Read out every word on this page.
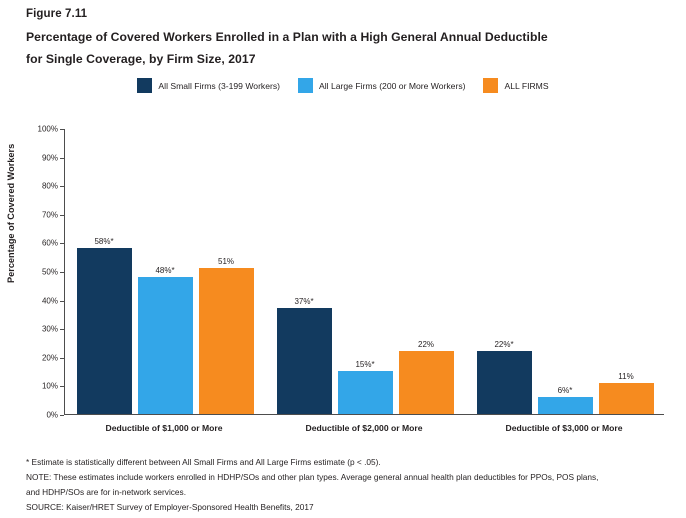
Figure 7.11
Percentage of Covered Workers Enrolled in a Plan with a High General Annual Deductible
for Single Coverage, by Firm Size, 2017
All Small Firms (3-199 Workers)	All Large Firms (200 or More Workers)	ALL FIRMS
Percentage of Covered Workers	58%*
48%*
51%
37%*
15%*
22%	22%*
6%*
11%
0%
10%
20%
30%
40%
50%
60%
70%
80%
90%
100%
Deductible of $1,000 or More	Deductible of $2,000 or More	Deductible of $3,000 or More
* Estimate is statistically different between All Small Firms and All Large Firms estimate (p < .05).
NOTE: These estimates include workers enrolled in HDHP/SOs and other plan types. Average general annual health plan deductibles for PPOs, POS plans,
and HDHP/SOs are for in-network services.
SOURCE: Kaiser/HRET Survey of Employer-Sponsored Health Benefits, 2017
